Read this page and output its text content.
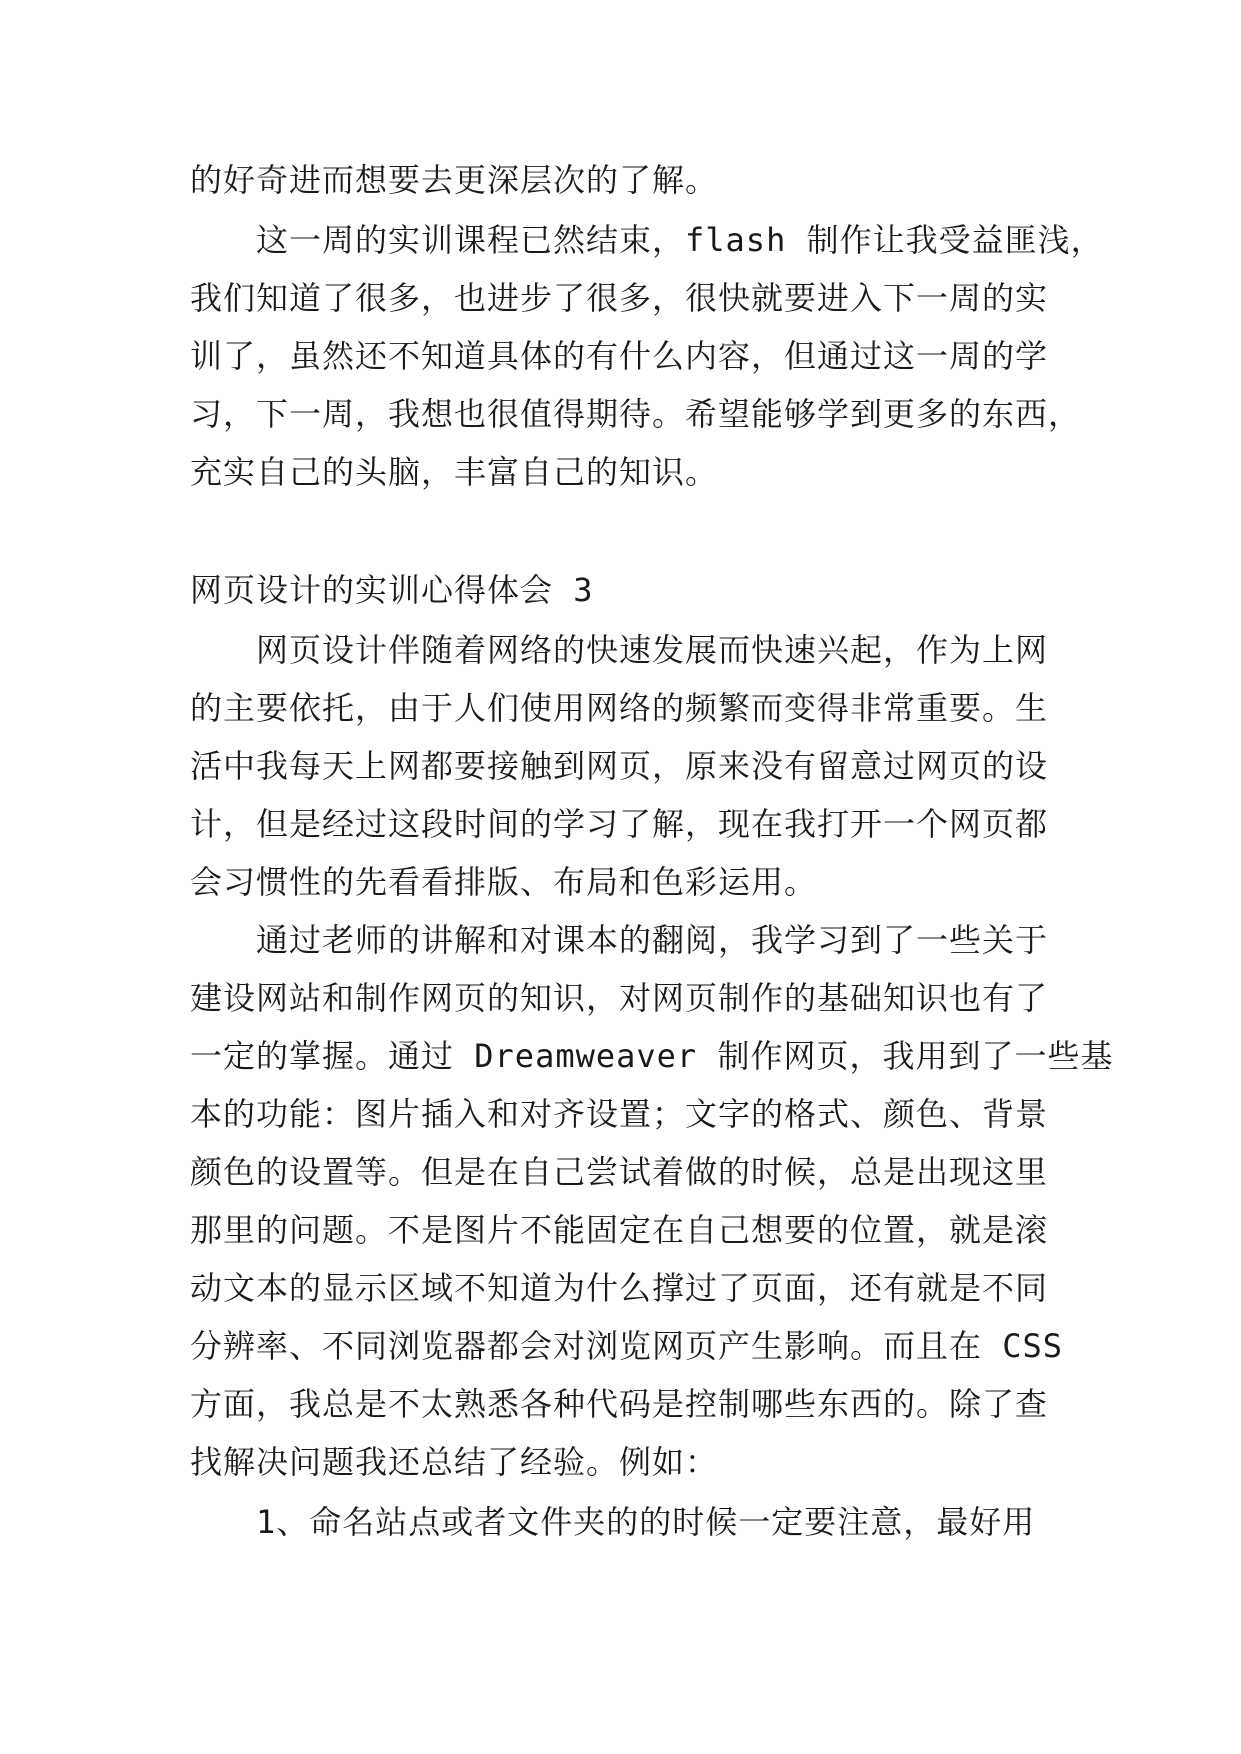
的好奇进而想要去更深层次的了解。
这一周的实训课程已然结束，flash 制作让我受益匪浅，
我们知道了很多，也进步了很多，很快就要进入下一周的实
训了，虽然还不知道具体的有什么内容，但通过这一周的学
习，下一周，我想也很值得期待。希望能够学到更多的东西，
充实自己的头脑，丰富自己的知识。
网页设计的实训心得体会 3
网页设计伴随着网络的快速发展而快速兴起，作为上网
的主要依托，由于人们使用网络的频繁而变得非常重要。生
活中我每天上网都要接触到网页，原来没有留意过网页的设
计，但是经过这段时间的学习了解，现在我打开一个网页都
会习惯性的先看看排版、布局和色彩运用。
通过老师的讲解和对课本的翻阅，我学习到了一些关于
建设网站和制作网页的知识，对网页制作的基础知识也有了
一定的掌握。通过 Dreamweaver 制作网页，我用到了一些基
本的功能：图片插入和对齐设置；文字的格式、颜色、背景
颜色的设置等。但是在自己尝试着做的时候，总是出现这里
那里的问题。不是图片不能固定在自己想要的位置，就是滚
动文本的显示区域不知道为什么撑过了页面，还有就是不同
分辨率、不同浏览器都会对浏览网页产生影响。而且在 CSS
方面，我总是不太熟悉各种代码是控制哪些东西的。除了查
找解决问题我还总结了经验。例如：
1、命名站点或者文件夹的的时候一定要注意，最好用
